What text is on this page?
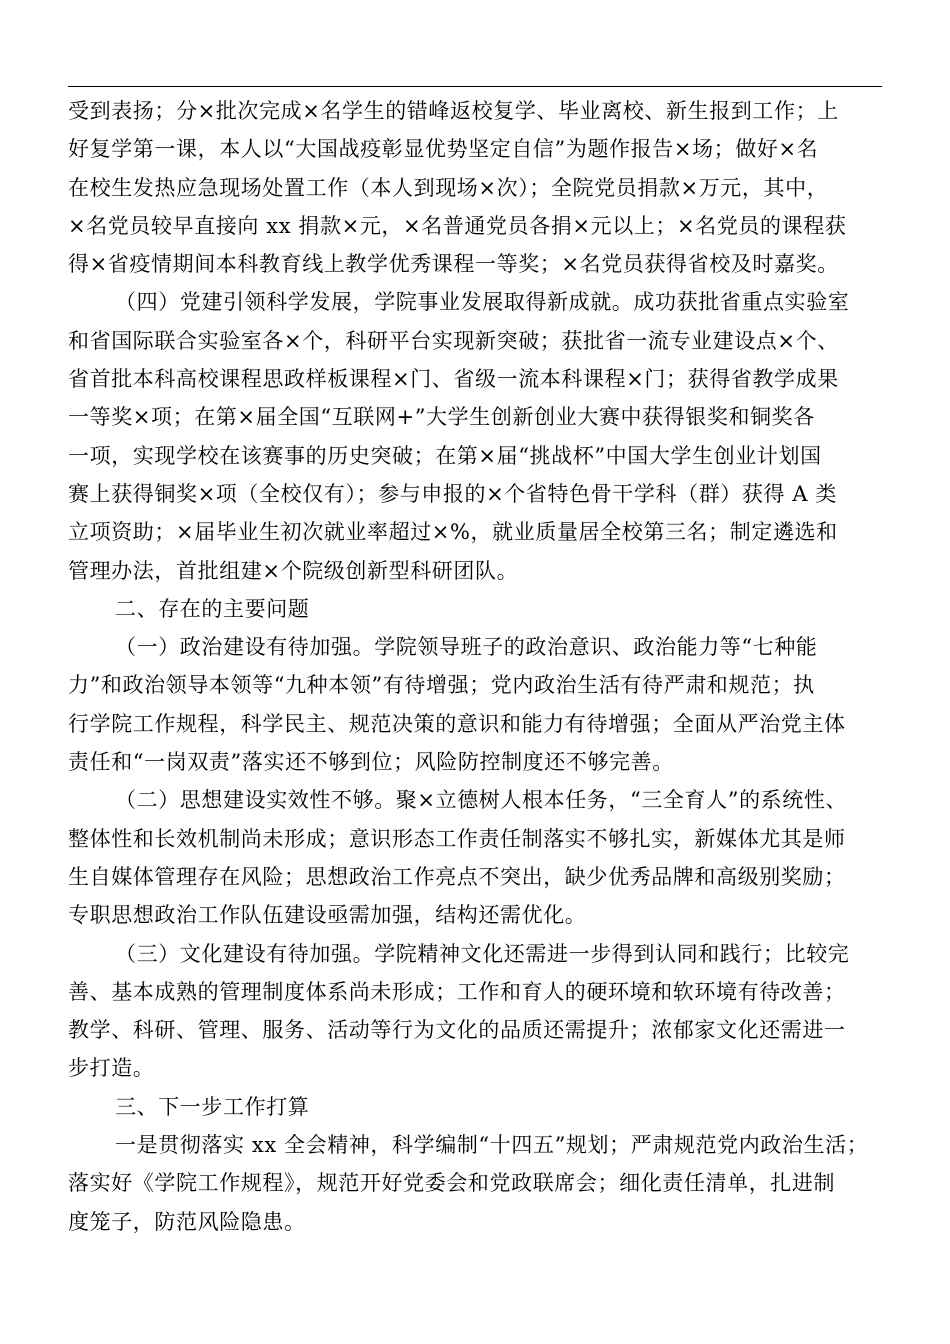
受到表扬；分×批次完成×名学生的错峰返校复学、毕业离校、新生报到工作；上
好复学第一课，本人以“大国战疫彰显优势坚定自信”为题作报告×场；做好×名
在校生发热应急现场处置工作（本人到现场×次）；全院党员捐款×万元，其中，
×名党员较早直接向 xx 捐款×元，×名普通党员各捐×元以上；×名党员的课程获
得×省疫情期间本科教育线上教学优秀课程一等奖；×名党员获得省校及时嘉奖。

（四）党建引领科学发展，学院事业发展取得新成就。成功获批省重点实验室
和省国际联合实验室各×个，科研平台实现新突破；获批省一流专业建设点×个、
省首批本科高校课程思政样板课程×门、省级一流本科课程×门；获得省教学成果
一等奖×项；在第×届全国“互联网+”大学生创新创业大赛中获得银奖和铜奖各
一项，实现学校在该赛事的历史突破；在第×届“挑战杯”中国大学生创业计划国
赛上获得铜奖×项（全校仅有）；参与申报的×个省特色骨干学科（群）获得 A 类
立项资助；×届毕业生初次就业率超过×%，就业质量居全校第三名；制定遴选和
管理办法，首批组建×个院级创新型科研团队。

二、存在的主要问题

（一）政治建设有待加强。学院领导班子的政治意识、政治能力等“七种能
力”和政治领导本领等“九种本领”有待增强；党内政治生活有待严肃和规范；执
行学院工作规程，科学民主、规范决策的意识和能力有待增强；全面从严治党主体
责任和“一岗双责”落实还不够到位；风险防控制度还不够完善。

（二）思想建设实效性不够。聚×立德树人根本任务，“三全育人”的系统性、
整体性和长效机制尚未形成；意识形态工作责任制落实不够扎实，新媒体尤其是师
生自媒体管理存在风险；思想政治工作亮点不突出，缺少优秀品牌和高级别奖励；
专职思想政治工作队伍建设亟需加强，结构还需优化。

（三）文化建设有待加强。学院精神文化还需进一步得到认同和践行；比较完
善、基本成熟的管理制度体系尚未形成；工作和育人的硬环境和软环境有待改善；
教学、科研、管理、服务、活动等行为文化的品质还需提升；浓郁家文化还需进一
步打造。

三、下一步工作打算

一是贯彻落实 xx 全会精神，科学编制“十四五”规划；严肃规范党内政治生活；
落实好《学院工作规程》，规范开好党委会和党政联席会；细化责任清单，扎进制
度笼子，防范风险隐患。
